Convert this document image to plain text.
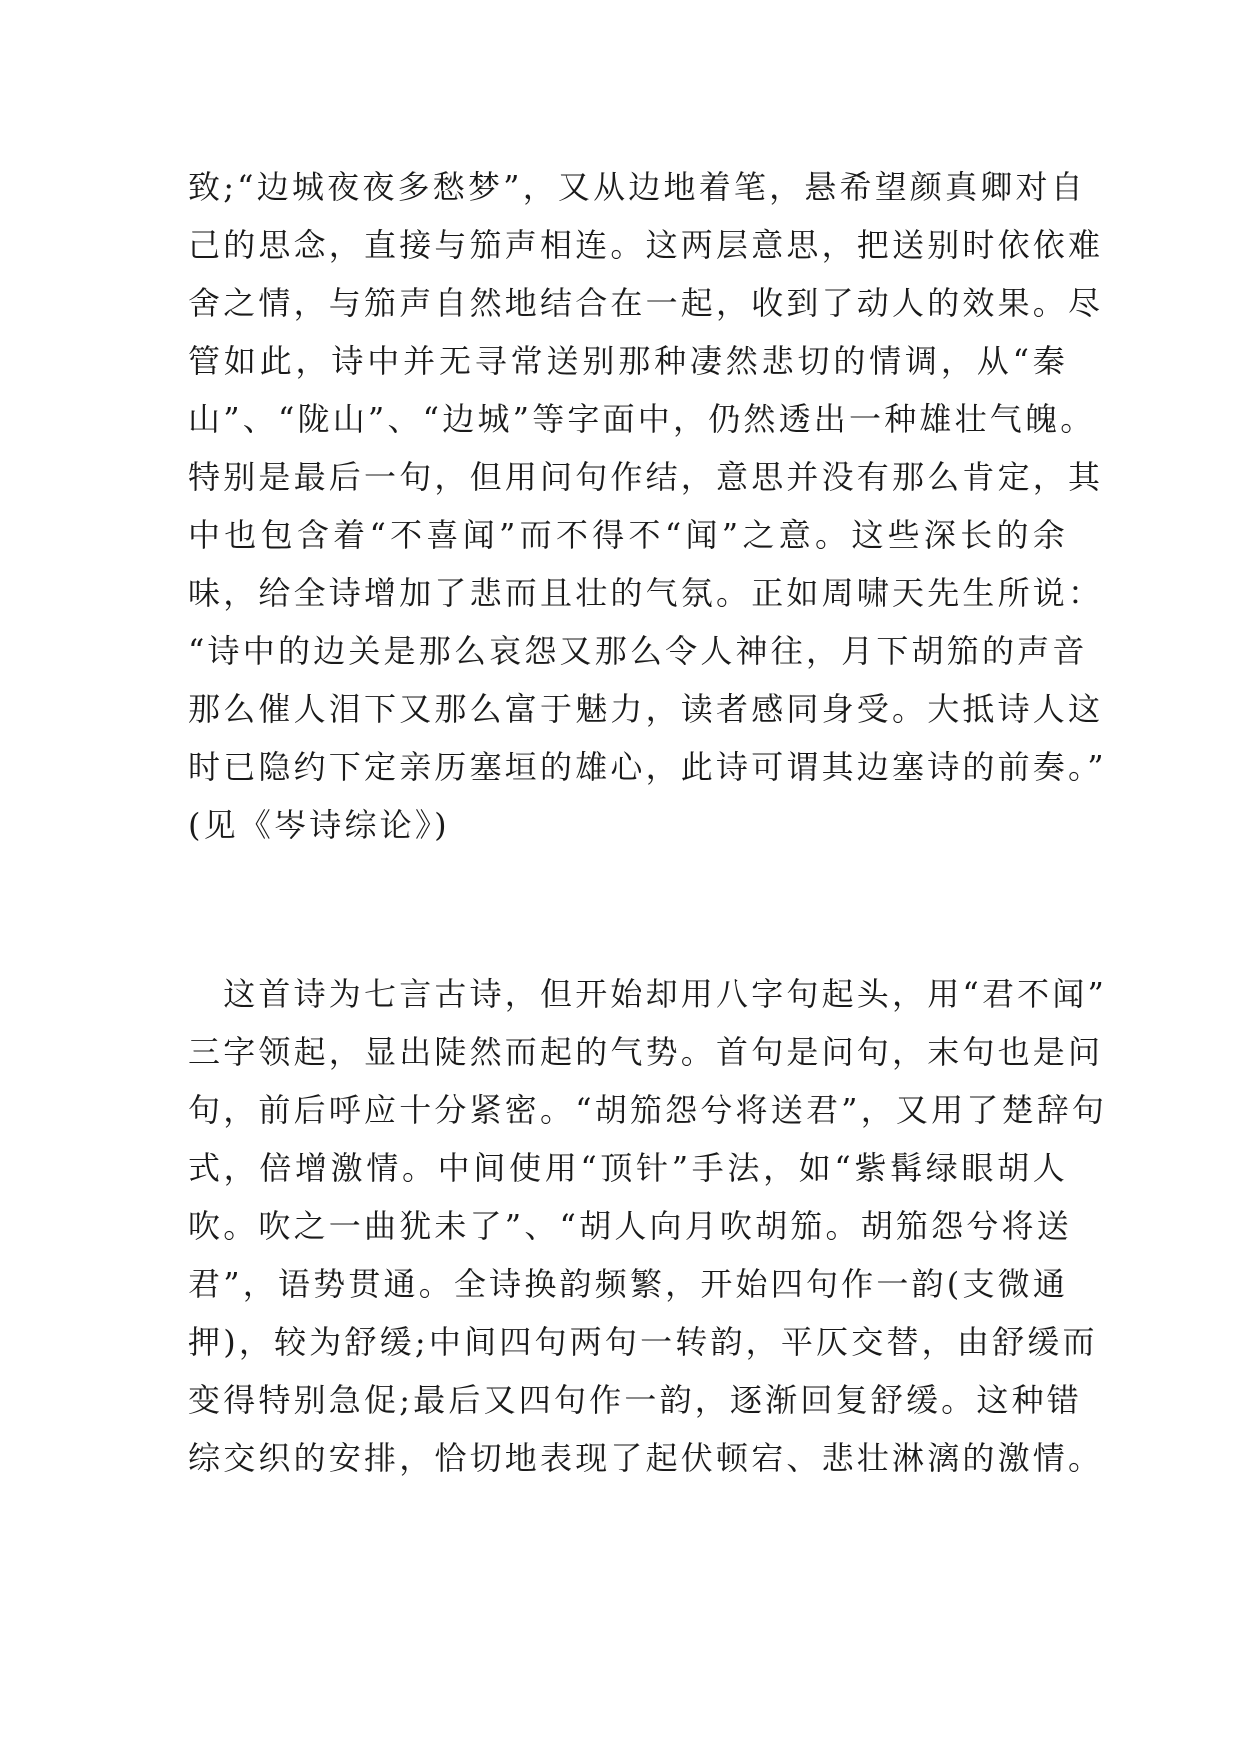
致;“边城夜夜多愁梦”，又从边地着笔，悬希望颜真卿对自
己的思念，直接与笳声相连。这两层意思，把送别时依依难
舍之情，与笳声自然地结合在一起，收到了动人的效果。尽
管如此，诗中并无寻常送别那种凄然悲切的情调，从“秦
山”、“陇山”、“边城”等字面中，仍然透出一种雄壮气魄。
特别是最后一句，但用问句作结，意思并没有那么肯定，其
中也包含着“不喜闻”而不得不“闻”之意。这些深长的余
味，给全诗增加了悲而且壮的气氛。正如周啸天先生所说：
“诗中的边关是那么哀怨又那么令人神往，月下胡笳的声音
那么催人泪下又那么富于魅力，读者感同身受。大抵诗人这
时已隐约下定亲历塞垣的雄心，此诗可谓其边塞诗的前奏。”
(见《岑诗综论》)
　这首诗为七言古诗，但开始却用八字句起头，用“君不闻”
三字领起，显出陡然而起的气势。首句是问句，末句也是问
句，前后呼应十分紧密。“胡笳怨兮将送君”，又用了楚辞句
式，倍增激情。中间使用“顶针”手法，如“紫髯绿眼胡人
吹。吹之一曲犹未了”、“胡人向月吹胡笳。胡笳怨兮将送
君”，语势贯通。全诗换韵频繁，开始四句作一韵(支微通
押)，较为舒缓;中间四句两句一转韵，平仄交替，由舒缓而
变得特别急促;最后又四句作一韵，逐渐回复舒缓。这种错
综交织的安排，恰切地表现了起伏顿宕、悲壮淋漓的激情。
